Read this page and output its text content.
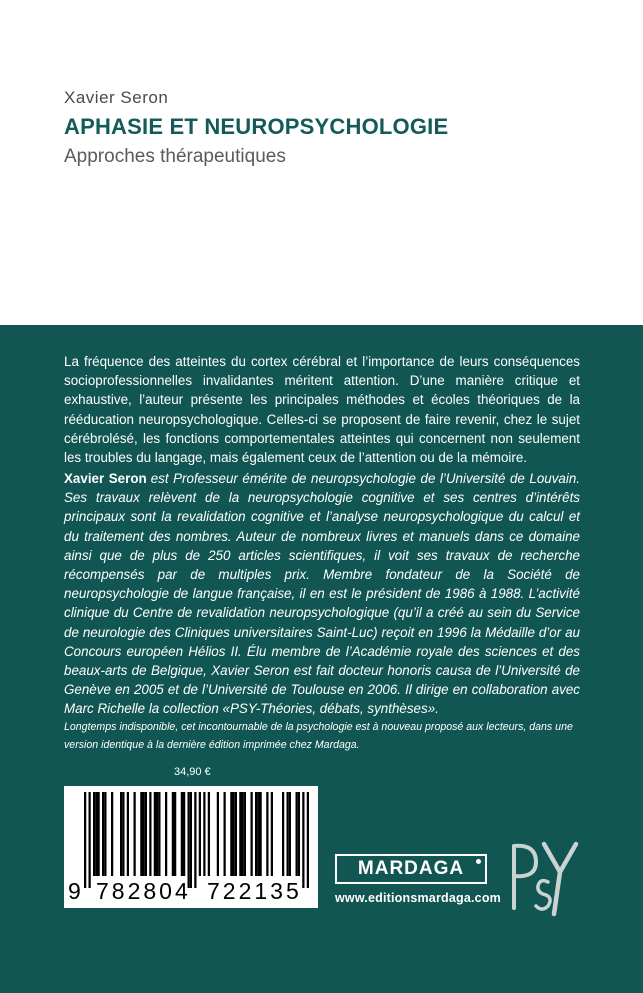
Xavier Seron
APHASIE ET NEUROPSYCHOLOGIE
Approches thérapeutiques

La fréquence des atteintes du cortex cérébral et l’importance de leurs conséquences socioprofessionnelles invalidantes méritent attention. D’une manière critique et exhaustive, l’auteur présente les principales méthodes et écoles théoriques de la rééducation neuropsychologique. Celles-ci se proposent de faire revenir, chez le sujet cérébrolésé, les fonctions comportementales atteintes qui concernent non seulement les troubles du langage, mais également ceux de l’attention ou de la mémoire.

Xavier Seron est Professeur émérite de neuropsychologie de l’Université de Louvain. Ses travaux relèvent de la neuropsychologie cognitive et ses centres d’intérêts principaux sont la revalidation cognitive et l’analyse neuropsychologique du calcul et du traitement des nombres. Auteur de nombreux livres et manuels dans ce domaine ainsi que de plus de 250 articles scientifiques, il voit ses travaux de recherche récompensés par de multiples prix. Membre fondateur de la Société de neuropsychologie de langue française, il en est le président de 1986 à 1988. L’activité clinique du Centre de revalidation neuropsychologique (qu’il a créé au sein du Service de neurologie des Cliniques universitaires Saint-Luc) reçoit en 1996 la Médaille d’or au Concours européen Hélios II. Élu membre de l’Académie royale des sciences et des beaux-arts de Belgique, Xavier Seron est fait docteur honoris causa de l’Université de Genève en 2005 et de l’Université de Toulouse en 2006. Il dirige en collaboration avec Marc Richelle la collection «PSY-Théories, débats, synthèses».

Longtemps indisponible, cet incontournable de la psychologie est à nouveau proposé aux lecteurs, dans une version identique à la dernière édition imprimée chez Mardaga.

34,90 €
9 782804 722135
MARDAGA
www.editionsmardaga.com
